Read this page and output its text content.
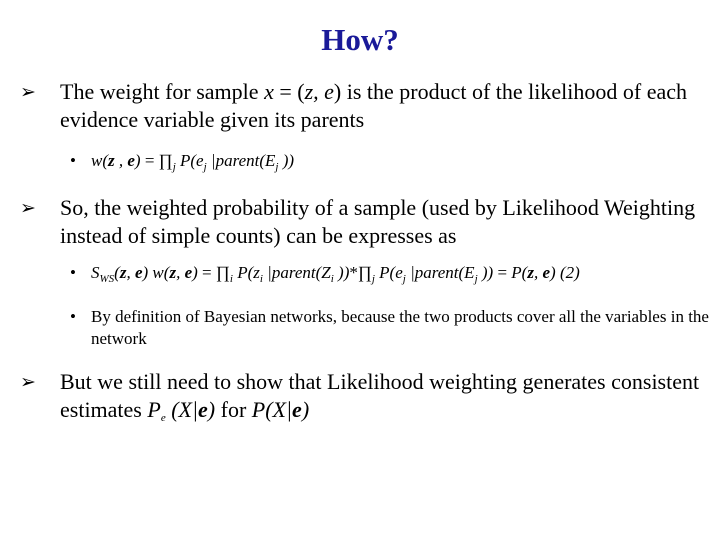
How?
➢ The weight for sample x = (z, e) is the product of the likelihood of each evidence variable given its parents
• w(z , $e) = \prod_j$ $P(e_j$ $|parent(E_j$ ))
➢ So, the weighted probability of a sample (used by Likelihood Weighting instead of simple counts) can be expresses as
• $S_{WS}(z$, e) w(z, $e) = \prod_i$ $P(z_i$ $|parent(Z_i$ ))$*\prod_j$ $P(e_j$ $|parent(E_j$ )) = P(z, e) (2)
• By definition of Bayesian networks, because the two products cover all the variables in the network
➢ But we still need to show that Likelihood weighting generates consistent estimates $P_e$ (X|e) for P(X|e)
